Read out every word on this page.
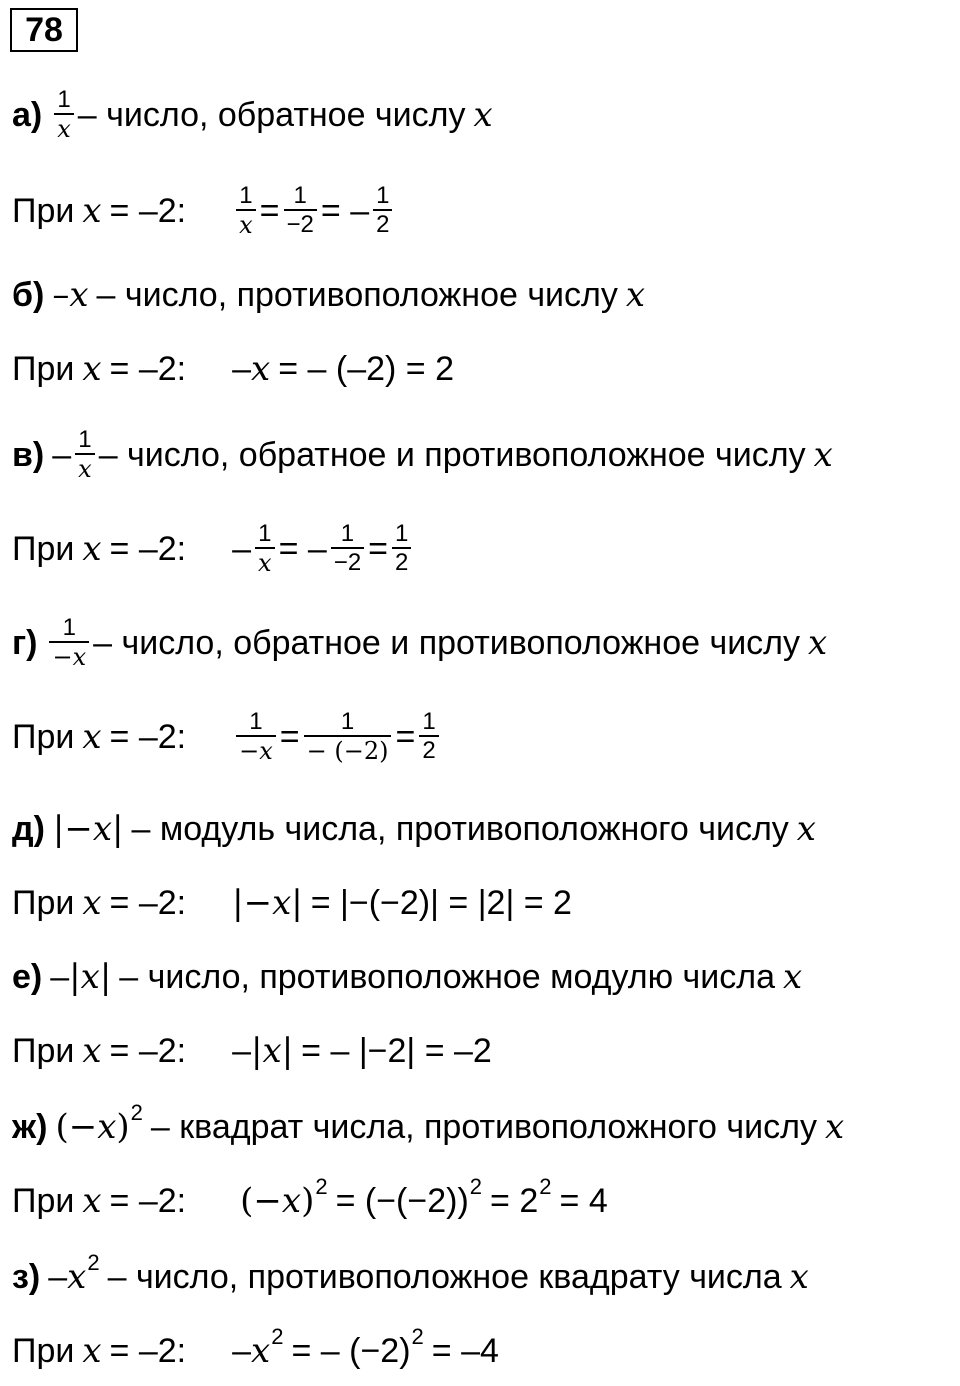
78
$а) \frac{1}{x}$ – число, обратное числу x
При x = –2: $\frac{1}{x} = \frac{1}{-2}$ = – $\frac{1}{2}$
б) – x – число, противоположное числу x
При x = –2: – x = – (–2) = 2
$в) - \frac{1}{x}$ – число, обратное и противоположное числу x
При x = –2: – $\frac{1}{x}$ = – $\frac{1}{-2} = \frac{1}{2}$
$г) \frac{1}{-x}$ – число, обратное и противоположное числу x
При x = –2: $\frac{1}{-x} = \frac{1}{- (-2)} = \frac{1}{2}$
д) |− x | – модуль числа, противоположного числу x
При x = –2: |− x | = |−(−2)| = |2| = 2
е) – | x | – число, противоположное модулю числа x
При x = –2: – | x | = – |−2| = –2
ж) (− x ) 2 – квадрат числа, противоположного числу x
При x = –2: (− x ) 2 = (−(−2)) 2 = 2 2 = 4
з) – x 2 – число, противоположное квадрату числа x
При x = –2: – x 2 = – (−2) 2 = –4
